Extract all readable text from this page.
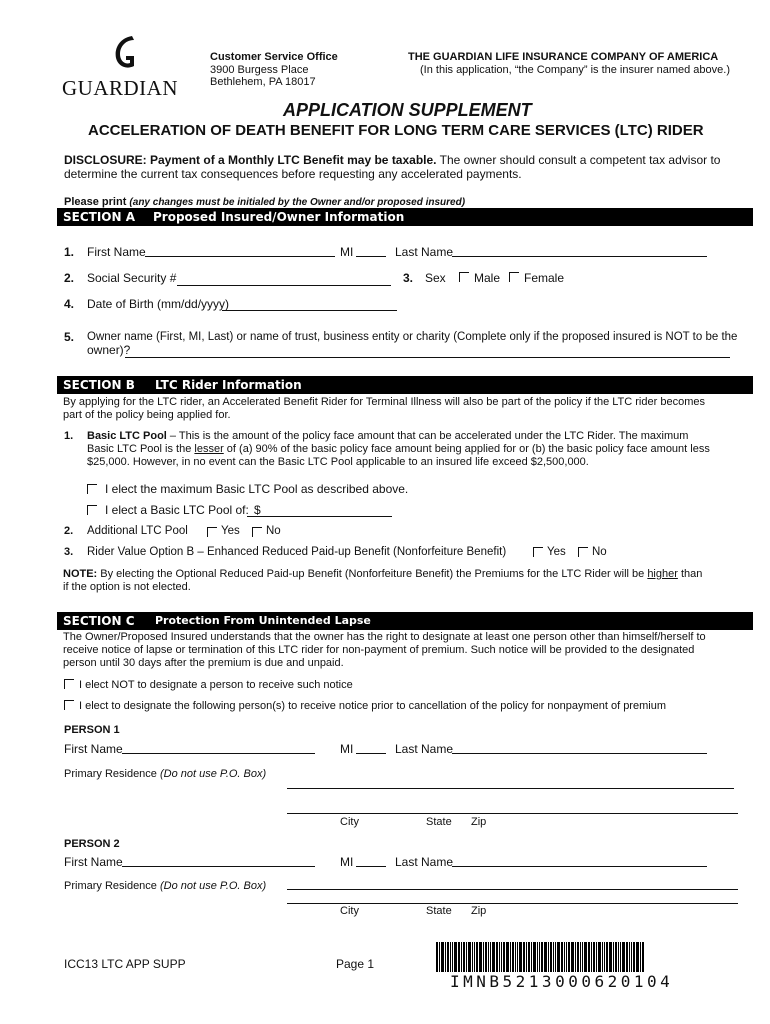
GUARDIAN
Customer Service Office
3900 Burgess Place
Bethlehem, PA 18017
THE GUARDIAN LIFE INSURANCE COMPANY OF AMERICA
(In this application, “the Company” is the insurer named above.)
APPLICATION SUPPLEMENT
ACCELERATION OF DEATH BENEFIT FOR LONG TERM CARE SERVICES (LTC) RIDER
DISCLOSURE: Payment of a Monthly LTC Benefit may be taxable. The owner should consult a competent tax advisor to
determine the current tax consequences before requesting any accelerated payments.
Please print (any changes must be initialed by the Owner and/or proposed insured)
SECTION A Proposed Insured/Owner Information
1. First Name	MI	Last Name
2. Social Security #	3. Sex Male Female
4. Date of Birth (mm/dd/yyyy)
5. Owner name (First, MI, Last) or name of trust, business entity or charity (Complete only if the proposed insured is NOT to be the
owner)?
SECTION B LTC Rider Information
By applying for the LTC rider, an Accelerated Benefit Rider for Terminal Illness will also be part of the policy if the LTC rider becomes
part of the policy being applied for.
1. Basic LTC Pool – This is the amount of the policy face amount that can be accelerated under the LTC Rider. The maximum
Basic LTC Pool is the lesser of (a) 90% of the basic policy face amount being applied for or (b) the basic policy face amount less
$25,000. However, in no event can the Basic LTC Pool applicable to an insured life exceed $2,500,000.
I elect the maximum Basic LTC Pool as described above.
I elect a Basic LTC Pool of: $
2. Additional LTC Pool	Yes No
3. Rider Value Option B – Enhanced Reduced Paid-up Benefit (Nonforfeiture Benefit)	Yes No
NOTE: By electing the Optional Reduced Paid-up Benefit (Nonforfeiture Benefit) the Premiums for the LTC Rider will be higher than
if the option is not elected.
SECTION C Protection From Unintended Lapse
The Owner/Proposed Insured understands that the owner has the right to designate at least one person other than himself/herself to
receive notice of lapse or termination of this LTC rider for non-payment of premium. Such notice will be provided to the designated
person until 30 days after the premium is due and unpaid.
I elect NOT to designate a person to receive such notice
I elect to designate the following person(s) to receive notice prior to cancellation of the policy for nonpayment of premium
PERSON 1
First Name	MI	Last Name
Primary Residence (Do not use P.O. Box)
City	State Zip
PERSON 2
First Name	MI	Last Name
Primary Residence (Do not use P.O. Box)
City	State Zip
ICC13 LTC APP SUPP	Page 1
IMNB5213000620104
